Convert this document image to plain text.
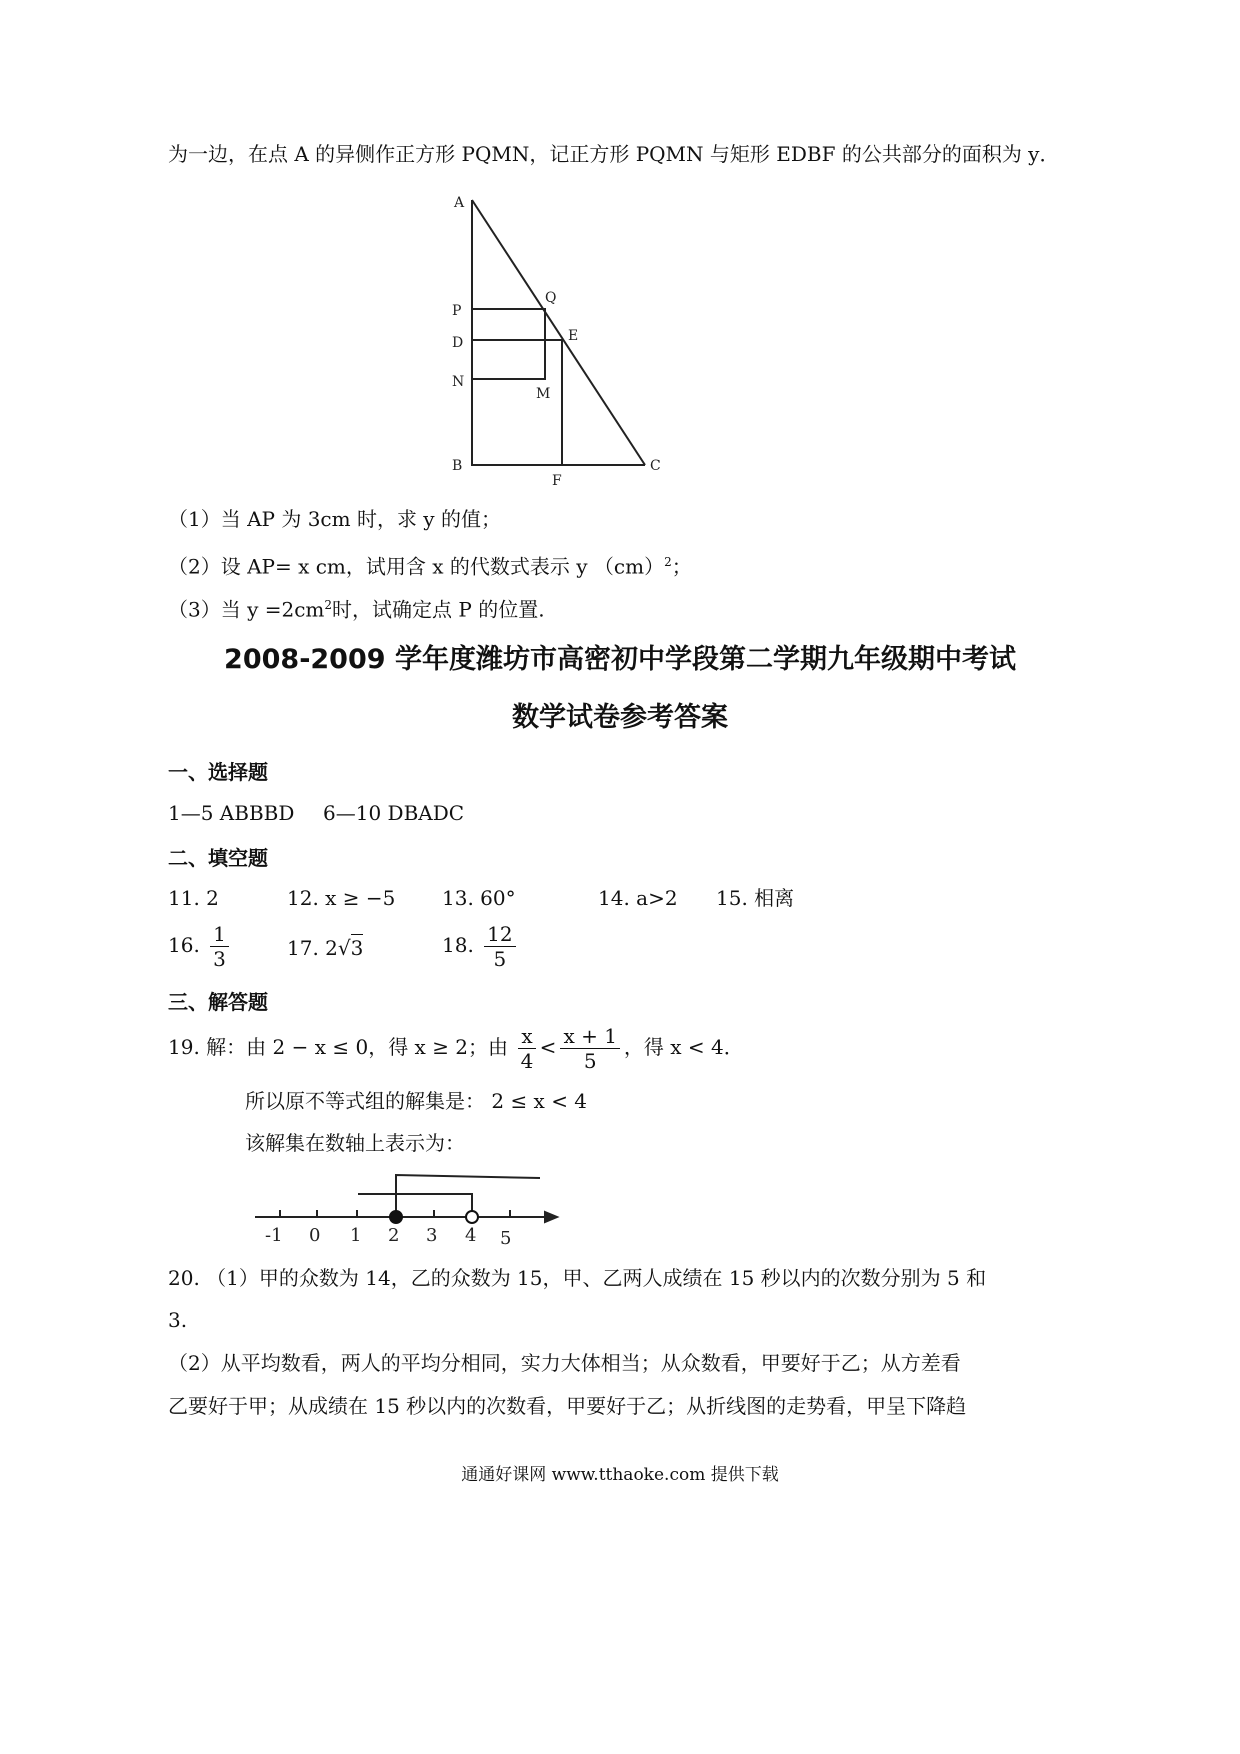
为一边，在点 A 的异侧作正方形 PQMN，记正方形 PQMN 与矩形 EDBF 的公共部分的面积为 y．
A
Q
P
E
D
N
M
B
F
C
（1）当 AP 为 3cm 时，求 y 的值；
（2）设 AP= x cm，试用含 x 的代数式表示 y （cm）$^2$；
（3）当 $y =2cm^2$时，试确定点 P 的位置.
2008-2009 学年度潍坊市高密初中学段第二学期九年级期中考试
数学试卷参考答案
一、选择题
1—5 ABBBD 6—10 DBADC
二、填空题
11. 2	12. x ≥ −5 13. 60°	14. a>2 15. 相离
16. $\frac{1}{3}$	17. 2√3	18. $\frac{12}{5}$
三、解答题
19. 解：由 2 − x ≤ 0，得 x ≥ 2；由 $\frac{x}{4} < \frac{x + 1}{5}$ ，得 x < 4．
所以原不等式组的解集是： 2 ≤ x < 4
该解集在数轴上表示为：
-1 0 1 2 3 4 5
20. （1）甲的众数为 14，乙的众数为 15，甲、乙两人成绩在 15 秒以内的次数分别为 5 和
3.
（2）从平均数看，两人的平均分相同，实力大体相当；从众数看，甲要好于乙；从方差看
乙要好于甲；从成绩在 15 秒以内的次数看，甲要好于乙；从折线图的走势看，甲呈下降趋
通通好课网 www.tthaoke.com 提供下载
